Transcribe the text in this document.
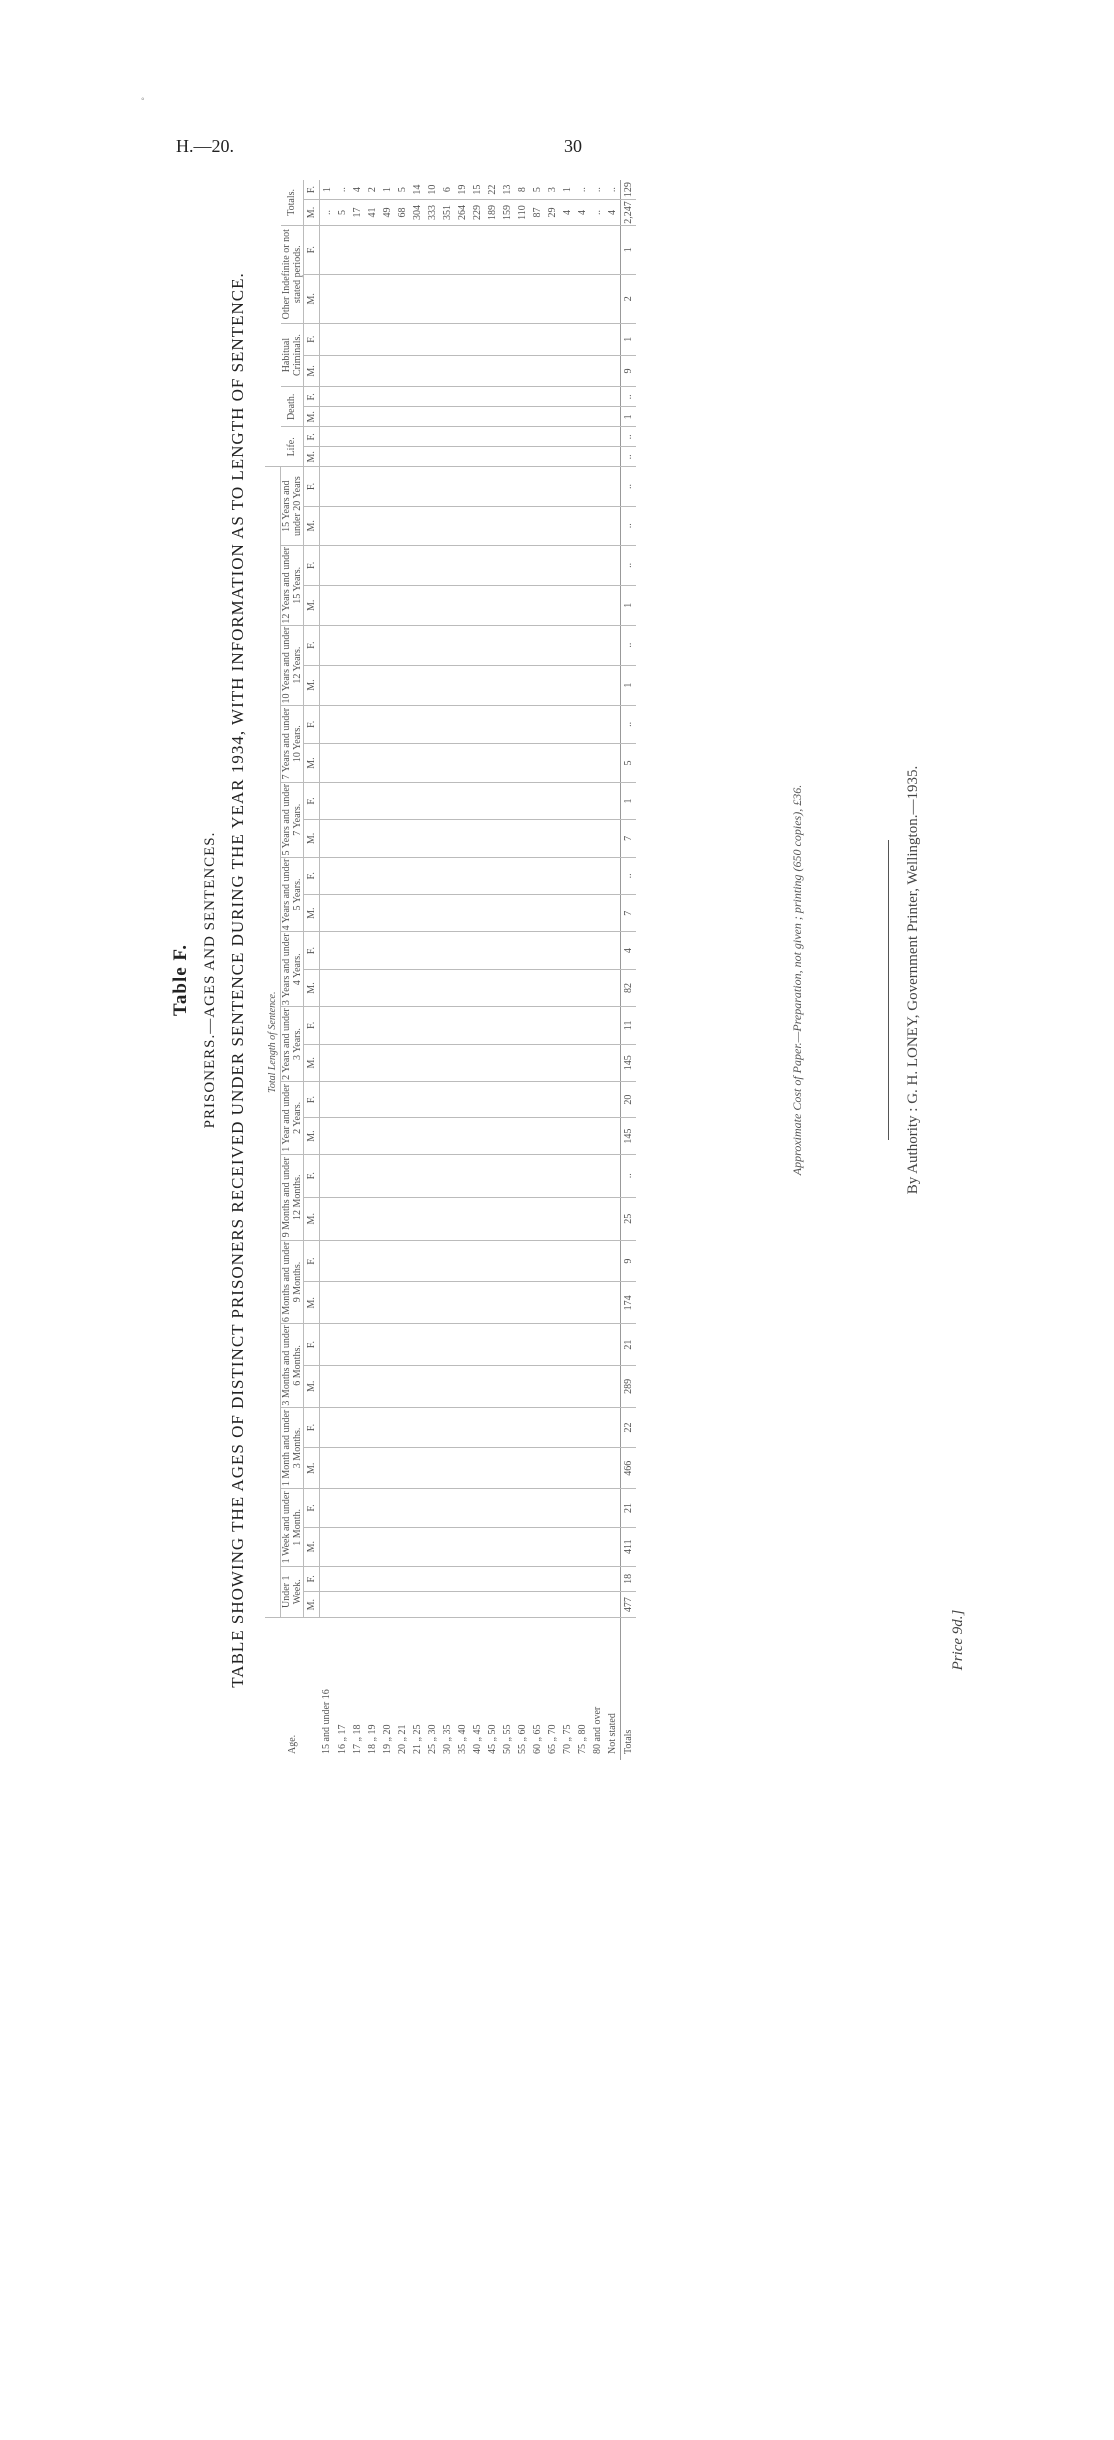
◦
H.—20.	30
Table F. PRISONERS.—AGES AND SENTENCES. TABLE SHOWING THE AGES OF DISTINCT PRISONERS RECEIVED UNDER SENTENCE DURING THE YEAR 1934, WITH INFORMATION AS TO LENGTH OF SENTENCE.
Age.	Total Length of Sentence.																																							
	Under 1 Week.		1 Week and under 1 Month.		1 Month and under 3 Months.		3 Months and under 6 Months.		6 Months and under 9 Months.		9 Months and under 12 Months.		1 Year and under 2 Years.		2 Years and under 3 Years.		3 Years and under 4 Years.		4 Years and under 5 Years.		5 Years and under 7 Years.		7 Years and under 10 Years.		10 Years and under 12 Years.		12 Years and under 15 Years.		15 Years and under 20 Years		Life.		Death.		Habitual Criminals.		Other Indefinite or not stated periods.		Totals.	
	M.	F.	M.	F.	M.	F.	M.	F.	M.	F.	M.	F.	M.	F.	M.	F.	M.	F.	M.	F.	M.	F.	M.	F.	M.	F.	M.	F.	M.	F.	M.	F.	M.	F.	M.	F.	M.	F.	M.	F.
15 and under 16																																							..	1
16 „ 17																																							5	..
17 „ 18																																							17	4
18 „ 19																																							41	2
19 „ 20																																							49	1
20 „ 21																																							68	5
21 „ 25																																							304	14
25 „ 30																																							333	10
30 „ 35																																							351	6
35 „ 40																																							264	19
40 „ 45																																							229	15
45 „ 50																																							189	22
50 „ 55																																							159	13
55 „ 60																																							110	8
60 „ 65																																							87	5
65 „ 70																																							29	3
70 „ 75																																							4	1
75 „ 80																																							4	..
80 and over																																							..	..
Not stated																																							4	..
Totals	477	18	411	21	466	22	289	21	174	9	25	..	145	20	145	11	82	4	7	..	7	1	5	..	1	..	1	..	..	..	..	..	1	..	9	1	2	1	2,247	129
Approximate Cost of Paper.—Preparation, not given ; printing (650 copies), £36.	By Authority : G. H. LONEY, Government Printer, Wellington.—1935.
Price 9d.]
